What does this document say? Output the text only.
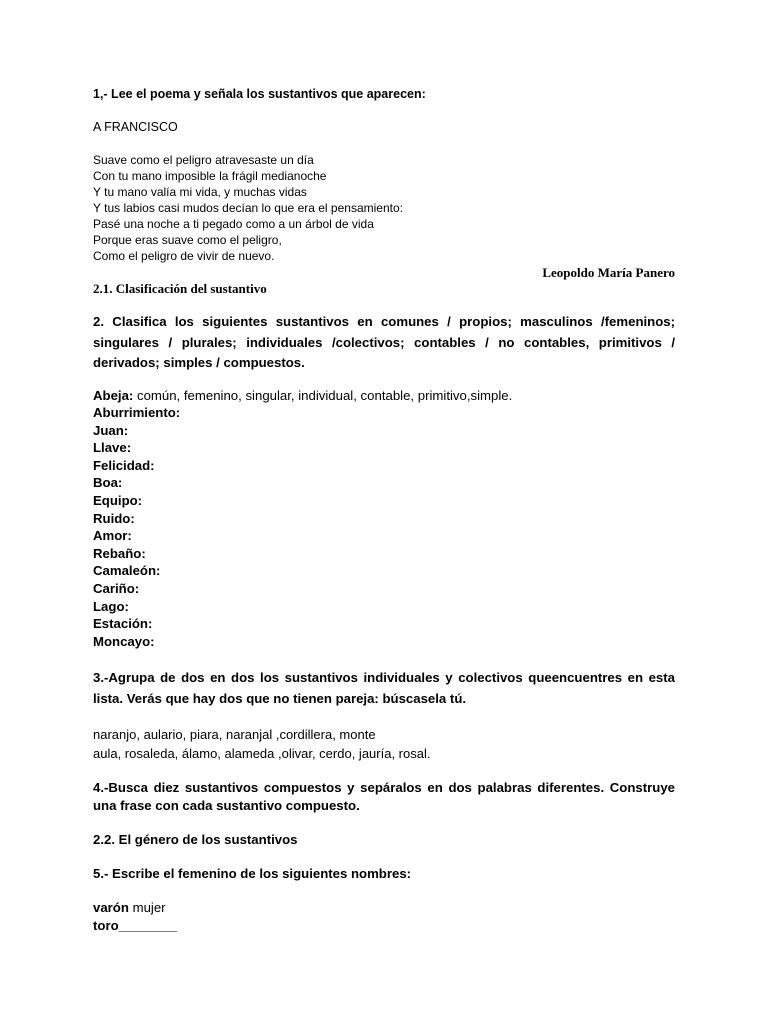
1,- Lee el poema y señala los sustantivos que aparecen:
A FRANCISCO
Suave como el peligro atravesaste un día
Con tu mano imposible la frágil medianoche
Y tu mano valía mi vida, y muchas vidas
Y tus labios casi mudos decían lo que era el pensamiento:
Pasé una noche a ti pegado como a un árbol de vida
Porque eras suave como el peligro,
Como el peligro de vivir de nuevo.
Leopoldo María Panero
2.1. Clasificación del sustantivo
2. Clasifica los siguientes sustantivos en comunes / propios; masculinos /femeninos; singulares / plurales; individuales /colectivos; contables / no contables, primitivos / derivados; simples / compuestos.
Abeja: común, femenino, singular, individual, contable, primitivo,simple.
Aburrimiento:
Juan:
Llave:
Felicidad:
Boa:
Equipo:
Ruido:
Amor:
Rebaño:
Camaleón:
Cariño:
Lago:
Estación:
Moncayo:
3.-Agrupa de dos en dos los sustantivos individuales y colectivos queencuentres en esta lista. Verás que hay dos que no tienen pareja: búscasela tú.
naranjo, aulario, piara, naranjal ,cordillera, monte
aula, rosaleda, álamo, alameda ,olivar, cerdo, jauría, rosal.
4.-Busca diez sustantivos compuestos y sepáralos en dos palabras diferentes. Construye una frase con cada sustantivo compuesto.
2.2. El género de los sustantivos
5.- Escribe el femenino de los siguientes nombres:
varón mujer
toro________
